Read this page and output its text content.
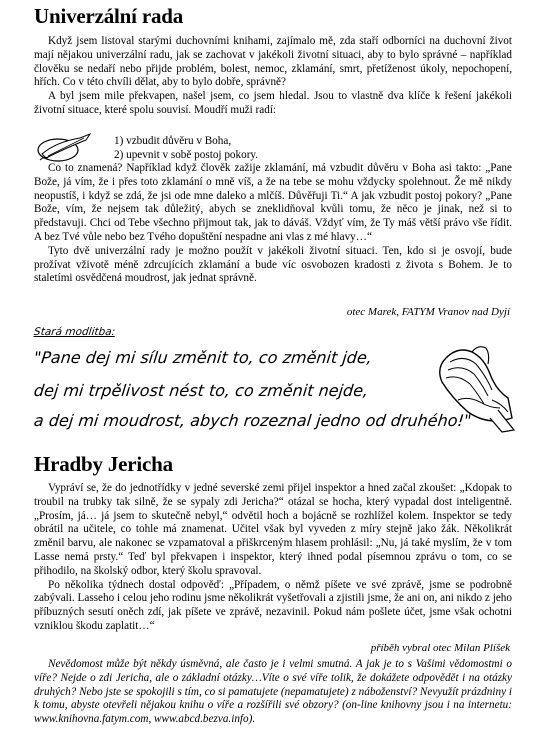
Univerzální rada

Když jsem listoval starými duchovními knihami, zajímalo mě, zda staří odborníci na duchovní život mají nějakou univerzální radu, jak se zachovat v jakékoli životní situaci, aby to bylo správné – například člověku se nedaří nebo přijde problém, bolest, nemoc, zklamání, smrt, přetíženost úkoly, nepochopení, hřích. Co v této chvíli dělat, aby to bylo dobře, správně?

A byl jsem mile překvapen, našel jsem, co jsem hledal. Jsou to vlastně dva klíče k řešení jakékoli životní situace, které spolu souvisí. Moudří muži radí:

1) vzbudit důvěru v Boha,
2) upevnit v sobě postoj pokory.

Co to znamená? Například když člověk zažije zklamání, má vzbudit důvěru v Boha asi takto: „Pane Bože, já vím, že i přes toto zklamání o mně víš, a že na tebe se mohu vždycky spolehnout. Že mě nikdy neopustíš, i když se zdá, že jsi ode mne daleko a mlčíš. Důvěřuji Ti.“ A jak vzbudit postoj pokory? „Pane Bože, vím, že nejsem tak důležitý, abych se zneklidňoval kvůli tomu, že něco je jinak, než si to představuji. Chci od Tebe všechno přijmout tak, jak to dáváš. Vždyť vím, že Ty máš větší právo vše řídit. A bez Tvé vůle nebo bez Tvého dopuštění nespadne ani vlas z mé hlavy…“

Tyto dvě univerzální rady je možno použít v jakékoli životní situaci. Ten, kdo si je osvojí, bude prožívat vživotě méně zdrcujících zklamání a bude víc osvobozen kradosti z života s Bohem. Je to staletími osvědčená moudrost, jak jednat správně.

otec Marek, FATYM Vranov nad Dyjí
Stará modlitba:
"Pane dej mi sílu změnit to, co změnit jde,
dej mi trpělivost nést to, co změnit nejde,
a dej mi moudrost, abych rozeznal jedno od druhého!"
Hradby Jericha

Vypráví se, že do jednotřídky v jedné severské zemi přijel inspektor a hned začal zkoušet: „Kdopak to troubil na trubky tak silně, že se sypaly zdi Jericha?“ otázal se hocha, který vypadal dost inteligentně. „Prosím, já… já jsem to skutečně nebyl,“ odvětil hoch a bojácně se rozhlížel kolem. Inspektor se tedy obrátil na učitele, co tohle má znamenat. Učitel však byl vyveden z míry stejně jako žák. Několikrát změnil barvu, ale nakonec se vzpamatoval a přiškrceným hlasem prohlásil: „Nu, já také myslím, že v tom Lasse nemá prsty.“ Teď byl překvapen i inspektor, který ihned podal písemnou zprávu o tom, co se přihodilo, na školský odbor, který školu spravoval.

Po několika týdnech dostal odpověď: „Případem, o němž píšete ve své zprávě, jsme se podrobně zabývali. Lasseho i celou jeho rodinu jsme několikrát vyšetřovali a zjistili jsme, že ani on, ani nikdo z jeho příbuzných sesutí oněch zdí, jak píšete ve zprávě, nezavinil. Pokud nám pošlete účet, jsme však ochotni vzniklou škodu zaplatit…“

příběh vybral otec Milan Plíšek

Nevědomost může být někdy úsměvná, ale často je i velmi smutná. A jak je to s Vašimi vědomostmi o víře? Nejde o zdi Jericha, ale o základní otázky…Víte o své víře tolik, že dokážete odpovědět i na otázky druhých? Nebo jste se spokojili s tím, co si pamatujete (nepamatujete) z náboženství? Nevyužít prázdniny i k tomu, abyste otevřeli nějakou knihu o víře a rozšířili své obzory? (on-line knihovny jsou i na internetu: www.knihovna.fatym.com, www.abcd.bezva.info).
